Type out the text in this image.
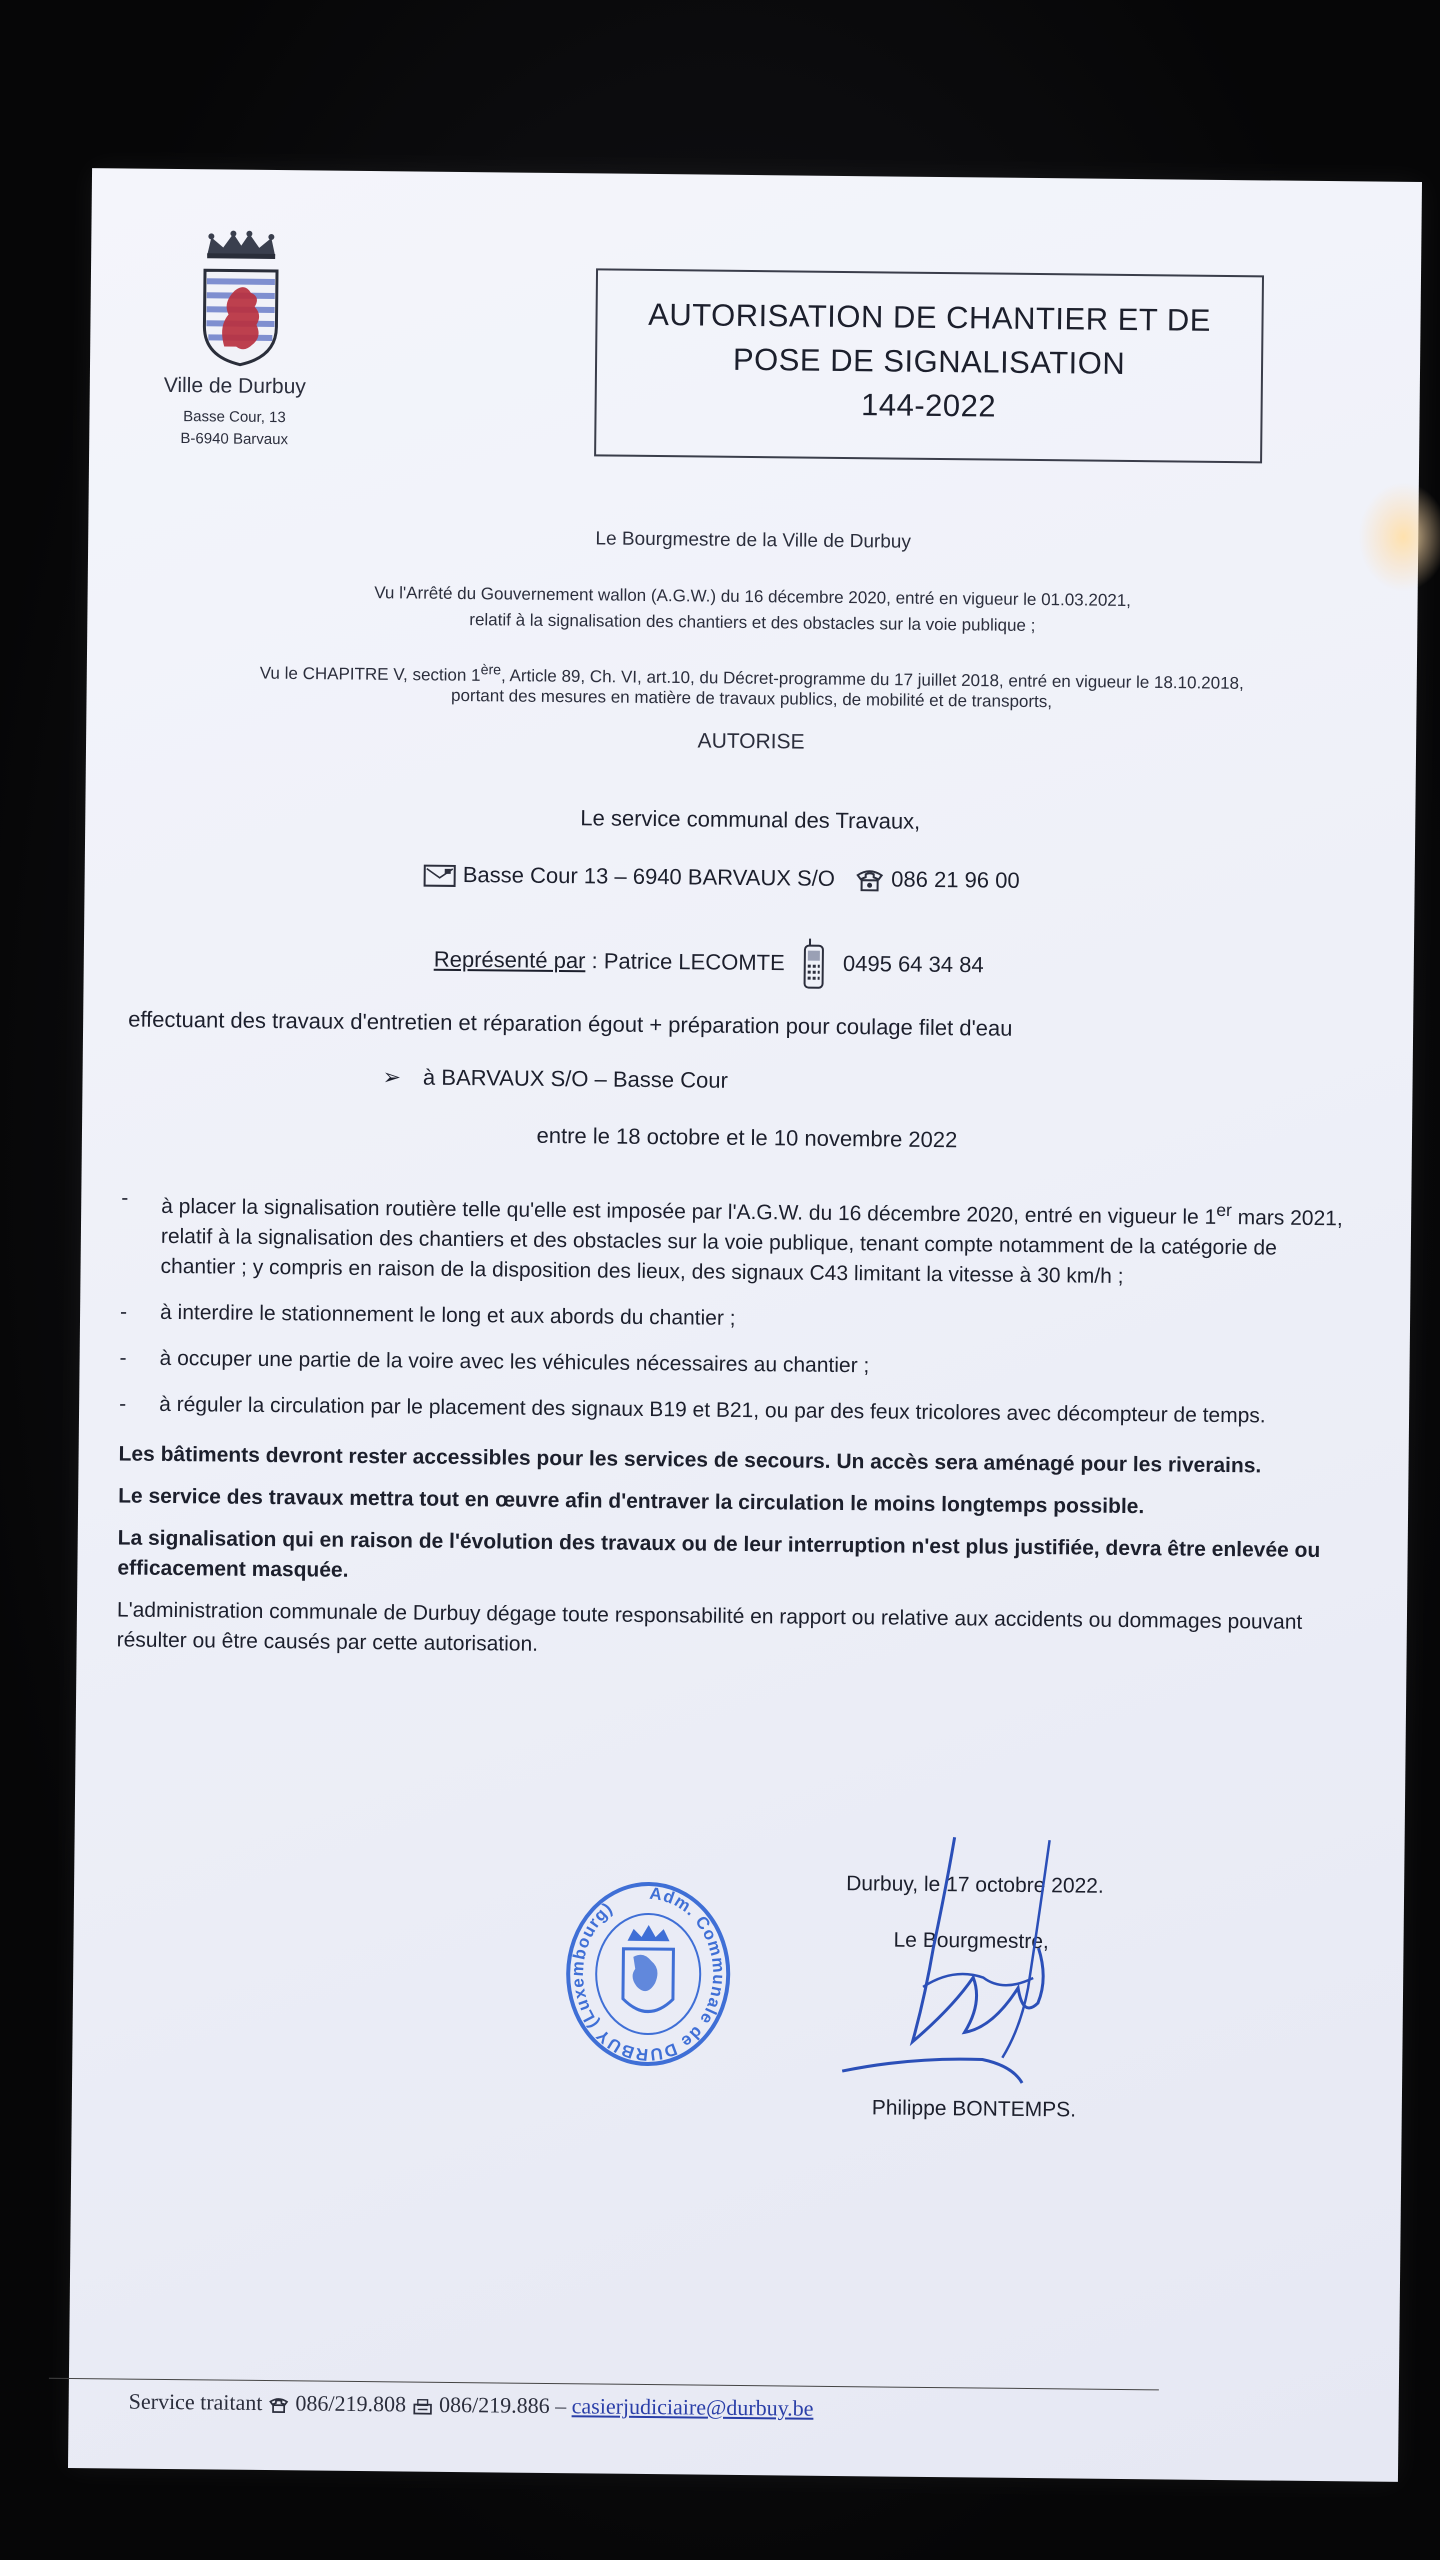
Ville de Durbuy
Basse Cour, 13
B-6940 Barvaux
AUTORISATION DE CHANTIER ET DE
POSE DE SIGNALISATION
144-2022
Le Bourgmestre de la Ville de Durbuy
Vu l'Arrêté du Gouvernement wallon (A.G.W.) du 16 décembre 2020, entré en vigueur le 01.03.2021,
relatif à la signalisation des chantiers et des obstacles sur la voie publique ;
Vu le CHAPITRE V, section 1ère, Article 89, Ch. VI, art.10, du Décret-programme du 17 juillet 2018, entré en vigueur le 18.10.2018,
portant des mesures en matière de travaux publics, de mobilité et de transports,
AUTORISE
Le service communal des Travaux,
Basse Cour 13 – 6940 BARVAUX S/O	086 21 96 00
Représenté par : Patrice LECOMTE	0495 64 34 84
effectuant des travaux d'entretien et réparation égout + préparation pour coulage filet d'eau
➢ à BARVAUX S/O – Basse Cour
entre le 18 octobre et le 10 novembre 2022
- à placer la signalisation routière telle qu'elle est imposée par l'A.G.W. du 16 décembre 2020, entré en vigueur le 1er mars 2021, relatif à la signalisation des chantiers et des obstacles sur la voie publique, tenant compte notamment de la catégorie de chantier ; y compris en raison de la disposition des lieux, des signaux C43 limitant la vitesse à 30 km/h ;
- à interdire le stationnement le long et aux abords du chantier ;
- à occuper une partie de la voire avec les véhicules nécessaires au chantier ;
- à réguler la circulation par le placement des signaux B19 et B21, ou par des feux tricolores avec décompteur de temps.

Les bâtiments devront rester accessibles pour les services de secours. Un accès sera aménagé pour les riverains.

Le service des travaux mettra tout en œuvre afin d'entraver la circulation le moins longtemps possible.

La signalisation qui en raison de l'évolution des travaux ou de leur interruption n'est plus justifiée, devra être enlevée ou efficacement masquée.

L'administration communale de Durbuy dégage toute responsabilité en rapport ou relative aux accidents ou dommages pouvant résulter ou être causés par cette autorisation.

Adm. Communale de DURBUY (Luxembourg)
Durbuy, le 17 octobre 2022.
Le Bourgmestre,
Philippe BONTEMPS.
Service traitant 086/219.808 086/219.886 – casierjudiciaire@durbuy.be
